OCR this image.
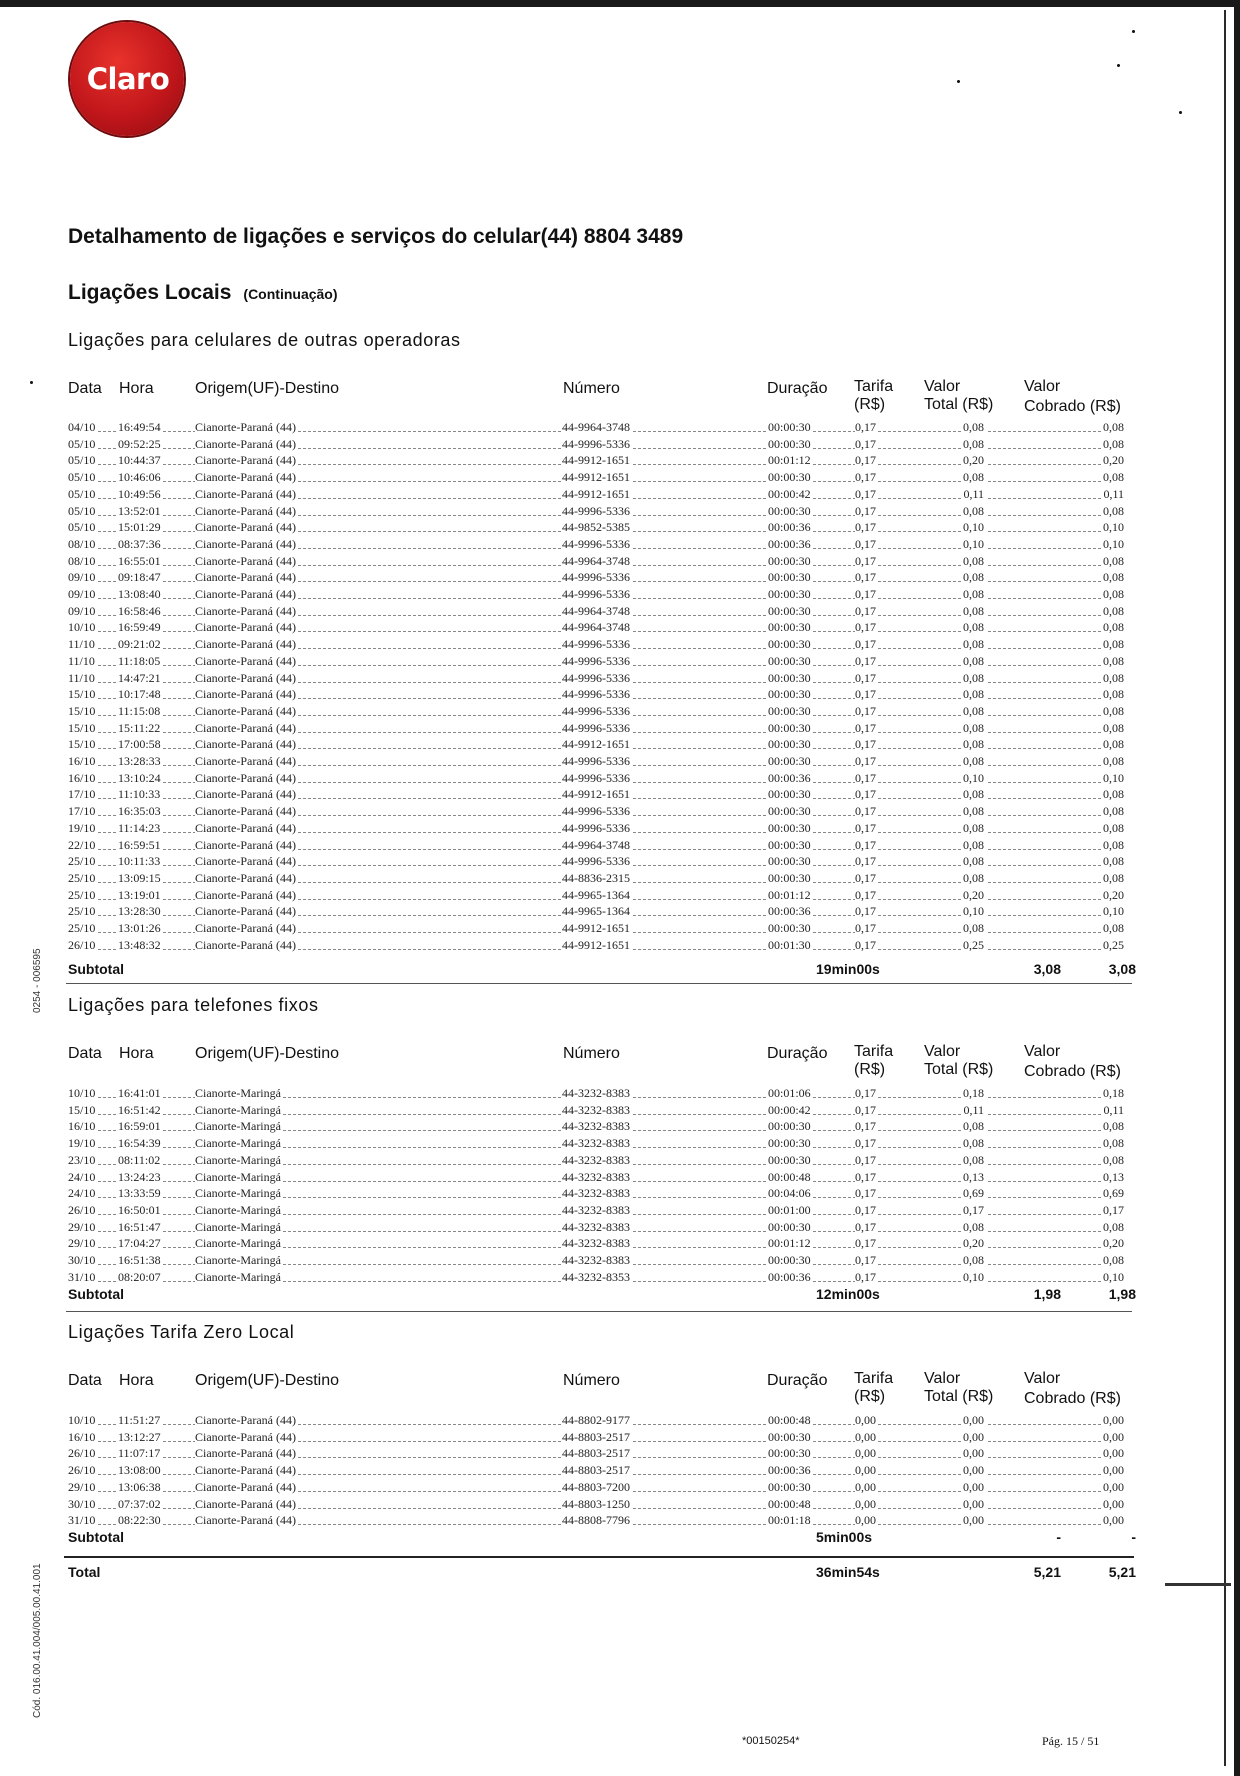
Claro
Detalhamento de ligações e serviços do celular(44) 8804 3489
Ligações Locais (Continuação)
Ligações para celulares de outras operadoras
Data Hora	Origem(UF)-Destino	Número	Duração Tarifa
(R$)
Valor
Total (R$)
Valor
Cobrado (R$)
04/10 16:49:54	Cianorte-Paraná (44)	44-9964-3748	00:00:30	0,17	0,08	0,08
05/10 09:52:25	Cianorte-Paraná (44)	44-9996-5336	00:00:30	0,17	0,08	0,08
05/10 10:44:37	Cianorte-Paraná (44)	44-9912-1651	00:01:12	0,17	0,20	0,20
05/10 10:46:06	Cianorte-Paraná (44)	44-9912-1651	00:00:30	0,17	0,08	0,08
05/10 10:49:56	Cianorte-Paraná (44)	44-9912-1651	00:00:42	0,17	0,11	0,11
05/10 13:52:01	Cianorte-Paraná (44)	44-9996-5336	00:00:30	0,17	0,08	0,08
05/10 15:01:29	Cianorte-Paraná (44)	44-9852-5385	00:00:36	0,17	0,10	0,10
08/10 08:37:36	Cianorte-Paraná (44)	44-9996-5336	00:00:36	0,17	0,10	0,10
08/10 16:55:01	Cianorte-Paraná (44)	44-9964-3748	00:00:30	0,17	0,08	0,08
09/10 09:18:47	Cianorte-Paraná (44)	44-9996-5336	00:00:30	0,17	0,08	0,08
09/10 13:08:40	Cianorte-Paraná (44)	44-9996-5336	00:00:30	0,17	0,08	0,08
09/10 16:58:46	Cianorte-Paraná (44)	44-9964-3748	00:00:30	0,17	0,08	0,08
10/10 16:59:49	Cianorte-Paraná (44)	44-9964-3748	00:00:30	0,17	0,08	0,08
11/10 09:21:02	Cianorte-Paraná (44)	44-9996-5336	00:00:30	0,17	0,08	0,08
11/10 11:18:05	Cianorte-Paraná (44)	44-9996-5336	00:00:30	0,17	0,08	0,08
11/10 14:47:21	Cianorte-Paraná (44)	44-9996-5336	00:00:30	0,17	0,08	0,08
15/10 10:17:48	Cianorte-Paraná (44)	44-9996-5336	00:00:30	0,17	0,08	0,08
15/10 11:15:08	Cianorte-Paraná (44)	44-9996-5336	00:00:30	0,17	0,08	0,08
15/10 15:11:22	Cianorte-Paraná (44)	44-9996-5336	00:00:30	0,17	0,08	0,08
15/10 17:00:58	Cianorte-Paraná (44)	44-9912-1651	00:00:30	0,17	0,08	0,08
16/10 13:28:33	Cianorte-Paraná (44)	44-9996-5336	00:00:30	0,17	0,08	0,08
16/10 13:10:24	Cianorte-Paraná (44)	44-9996-5336	00:00:36	0,17	0,10	0,10
17/10 11:10:33	Cianorte-Paraná (44)	44-9912-1651	00:00:30	0,17	0,08	0,08
17/10 16:35:03	Cianorte-Paraná (44)	44-9996-5336	00:00:30	0,17	0,08	0,08
19/10 11:14:23	Cianorte-Paraná (44)	44-9996-5336	00:00:30	0,17	0,08	0,08
22/10 16:59:51	Cianorte-Paraná (44)	44-9964-3748	00:00:30	0,17	0,08	0,08
25/10 10:11:33	Cianorte-Paraná (44)	44-9996-5336	00:00:30	0,17	0,08	0,08
25/10 13:09:15	Cianorte-Paraná (44)	44-8836-2315	00:00:30	0,17	0,08	0,08
25/10 13:19:01	Cianorte-Paraná (44)	44-9965-1364	00:01:12	0,17	0,20	0,20
25/10 13:28:30	Cianorte-Paraná (44)	44-9965-1364	00:00:36	0,17	0,10	0,10
25/10 13:01:26	Cianorte-Paraná (44)	44-9912-1651	00:00:30	0,17	0,08	0,08
26/10 13:48:32	Cianorte-Paraná (44)	44-9912-1651	00:01:30	0,17	0,25	0,25
Subtotal	19min00s	3,08	3,08
Ligações para telefones fixos
Data Hora	Origem(UF)-Destino	Número	Duração Tarifa
(R$)
Valor
Total (R$)
Valor
Cobrado (R$)
10/10 16:41:01	Cianorte-Maringá	44-3232-8383	00:01:06	0,17	0,18	0,18
15/10 16:51:42	Cianorte-Maringá	44-3232-8383	00:00:42	0,17	0,11	0,11
16/10 16:59:01	Cianorte-Maringá	44-3232-8383	00:00:30	0,17	0,08	0,08
19/10 16:54:39	Cianorte-Maringá	44-3232-8383	00:00:30	0,17	0,08	0,08
23/10 08:11:02	Cianorte-Maringá	44-3232-8383	00:00:30	0,17	0,08	0,08
24/10 13:24:23	Cianorte-Maringá	44-3232-8383	00:00:48	0,17	0,13	0,13
24/10 13:33:59	Cianorte-Maringá	44-3232-8383	00:04:06	0,17	0,69	0,69
26/10 16:50:01	Cianorte-Maringá	44-3232-8383	00:01:00	0,17	0,17	0,17
29/10 16:51:47	Cianorte-Maringá	44-3232-8383	00:00:30	0,17	0,08	0,08
29/10 17:04:27	Cianorte-Maringá	44-3232-8383	00:01:12	0,17	0,20	0,20
30/10 16:51:38	Cianorte-Maringá	44-3232-8383	00:00:30	0,17	0,08	0,08
31/10 08:20:07	Cianorte-Maringá	44-3232-8353	00:00:36	0,17	0,10	0,10
Subtotal	12min00s	1,98	1,98
Ligações Tarifa Zero Local
Data Hora	Origem(UF)-Destino	Número	Duração Tarifa
(R$)
Valor
Total (R$)
Valor
Cobrado (R$)
10/10 11:51:27	Cianorte-Paraná (44)	44-8802-9177	00:00:48	0,00	0,00	0,00
16/10 13:12:27	Cianorte-Paraná (44)	44-8803-2517	00:00:30	0,00	0,00	0,00
26/10 11:07:17	Cianorte-Paraná (44)	44-8803-2517	00:00:30	0,00	0,00	0,00
26/10 13:08:00	Cianorte-Paraná (44)	44-8803-2517	00:00:36	0,00	0,00	0,00
29/10 13:06:38	Cianorte-Paraná (44)	44-8803-7200	00:00:30	0,00	0,00	0,00
30/10 07:37:02	Cianorte-Paraná (44)	44-8803-1250	00:00:48	0,00	0,00	0,00
31/10 08:22:30	Cianorte-Paraná (44)	44-8808-7796	00:01:18	0,00	0,00	0,00
Subtotal	5min00s	-	-
Total	36min54s	5,21	5,21
0254 - 006595
Cód. 016.00.41.004/005.00.41.001
*00150254*	Pág. 15 / 51
